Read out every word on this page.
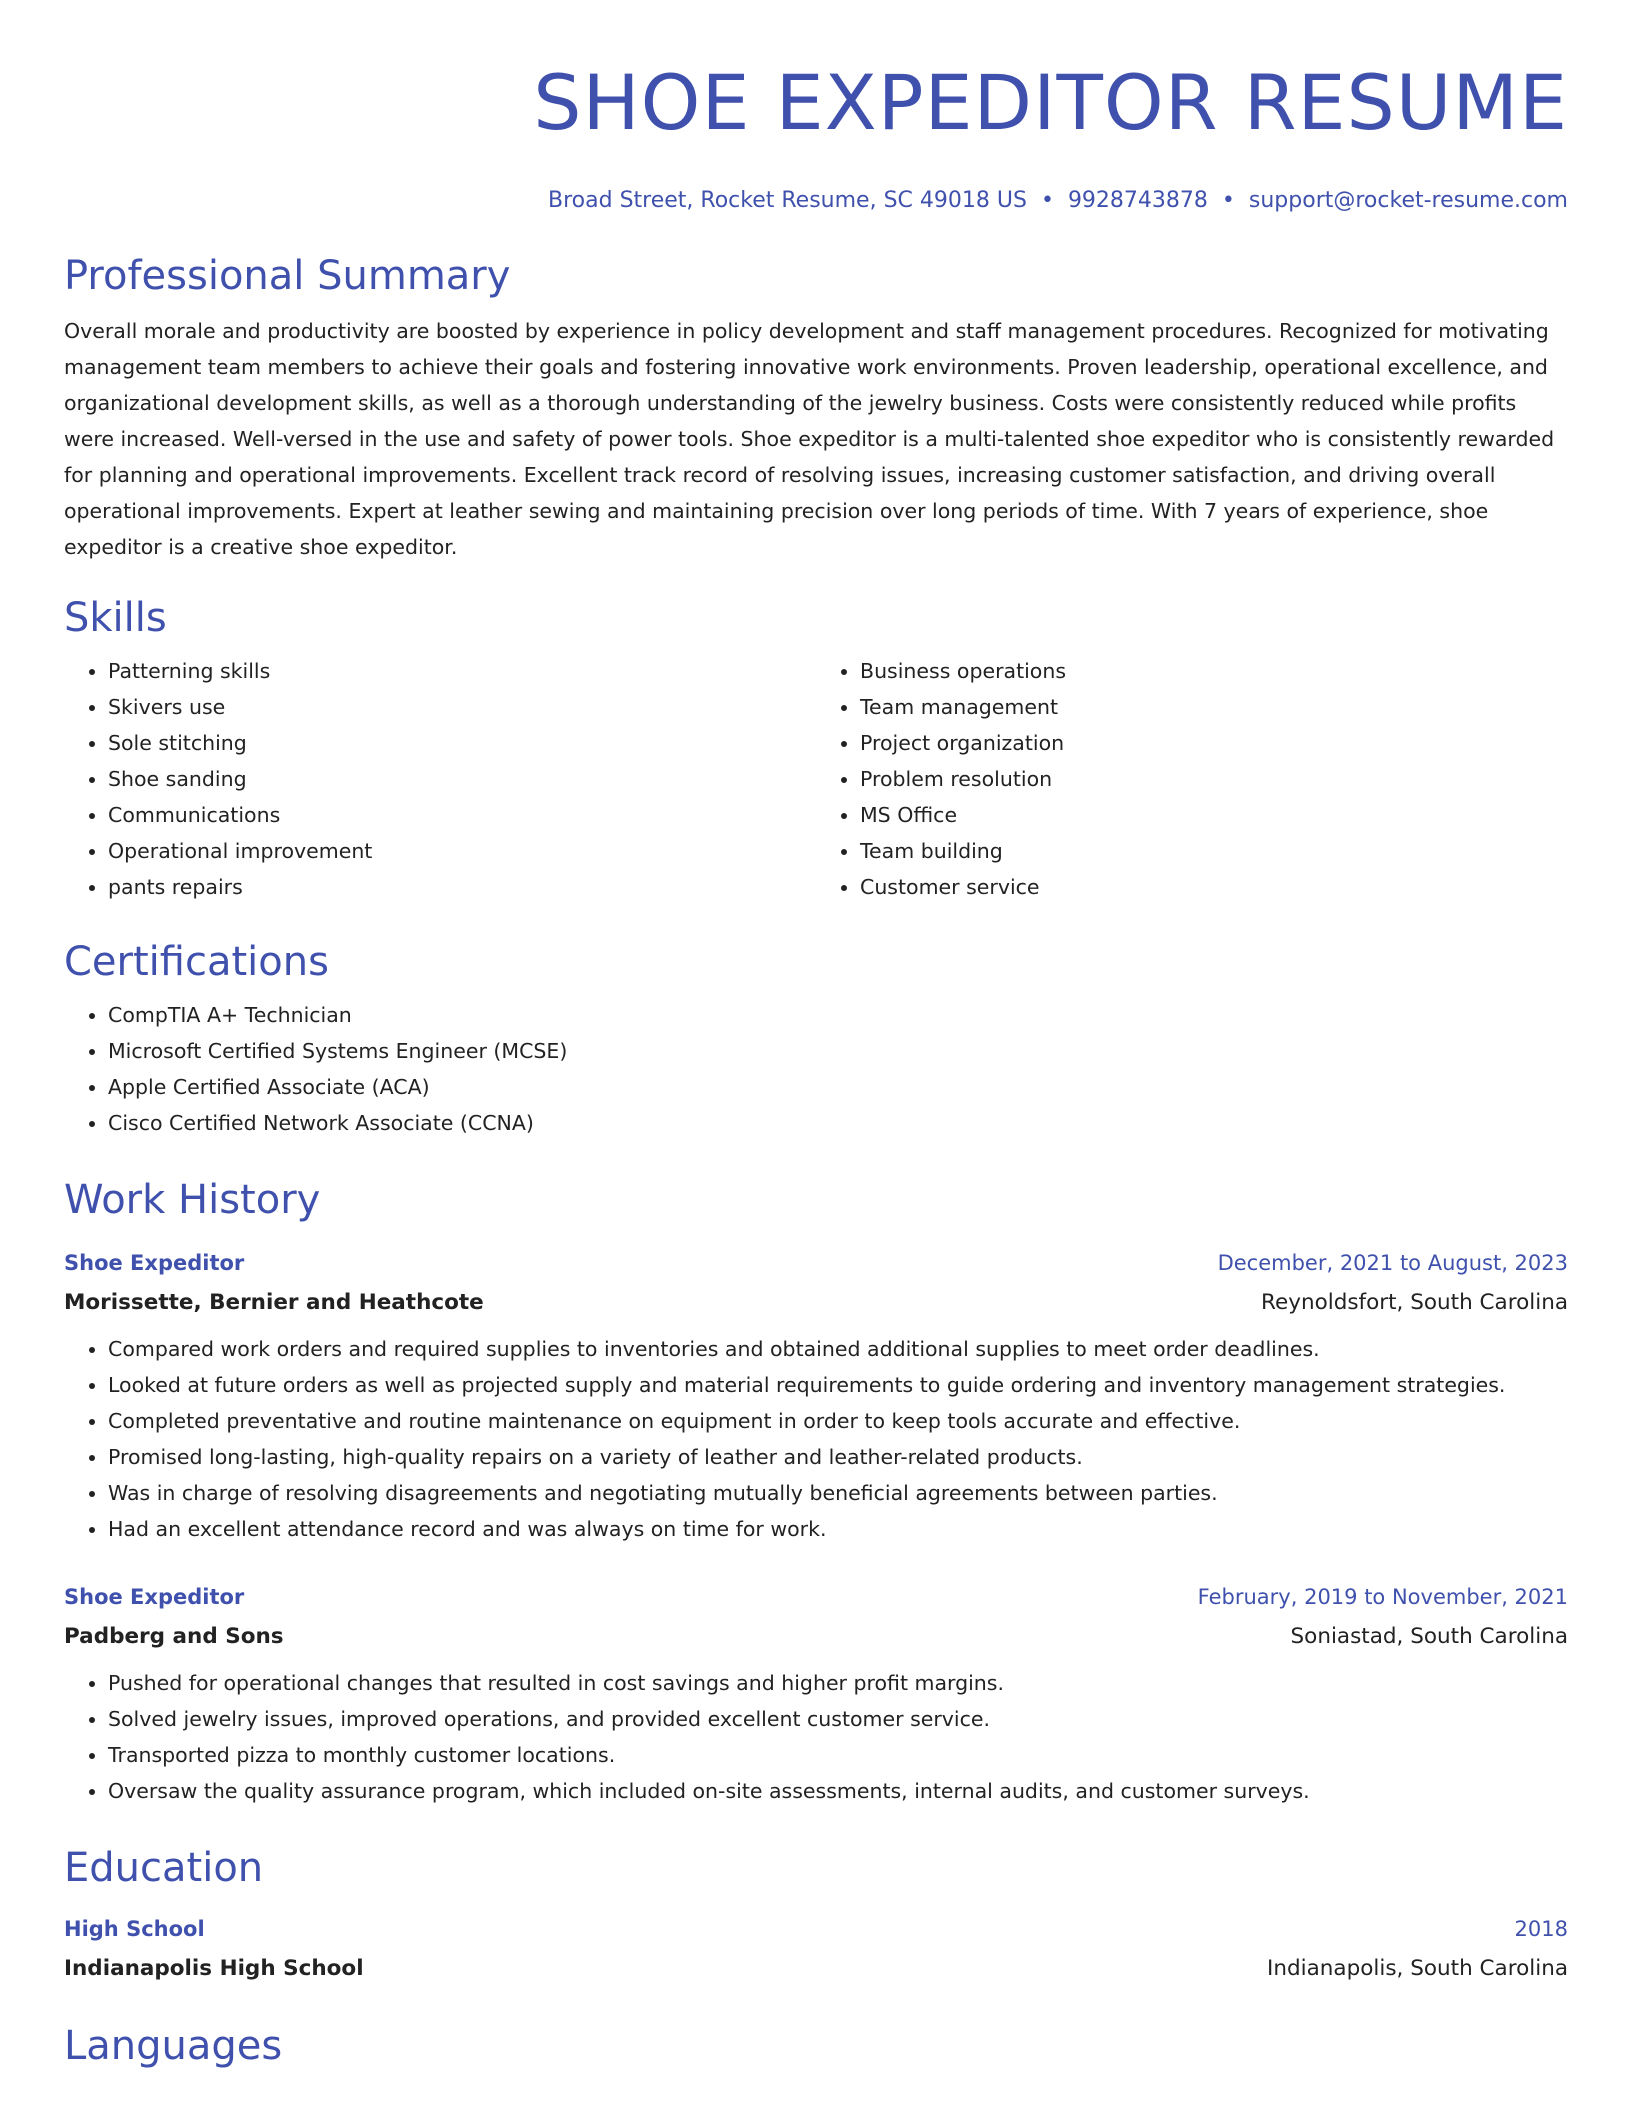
SHOE EXPEDITOR RESUME
Broad Street, Rocket Resume, SC 49018 US • 9928743878 • support@rocket-resume.com
Professional Summary

Overall morale and productivity are boosted by experience in policy development and staff management procedures. Recognized for motivating management team members to achieve their goals and fostering innovative work environments. Proven leadership, operational excellence, and organizational development skills, as well as a thorough understanding of the jewelry business. Costs were consistently reduced while profits were increased. Well-versed in the use and safety of power tools. Shoe expeditor is a multi-talented shoe expeditor who is consistently rewarded for planning and operational improvements. Excellent track record of resolving issues, increasing customer satisfaction, and driving overall operational improvements. Expert at leather sewing and maintaining precision over long periods of time. With 7 years of experience, shoe expeditor is a creative shoe expeditor.

Skills
• Patterning skills
• Skivers use
• Sole stitching
• Shoe sanding
• Communications
• Operational improvement
• pants repairs
• Business operations
• Team management
• Project organization
• Problem resolution
• MS Office
• Team building
• Customer service
Certifications
• CompTIA A+ Technician
• Microsoft Certified Systems Engineer (MCSE)
• Apple Certified Associate (ACA)
• Cisco Certified Network Associate (CCNA)
Work History
Shoe Expeditor	December, 2021 to August, 2023
Morissette, Bernier and Heathcote	Reynoldsfort, South Carolina
• Compared work orders and required supplies to inventories and obtained additional supplies to meet order deadlines.
• Looked at future orders as well as projected supply and material requirements to guide ordering and inventory management strategies.
• Completed preventative and routine maintenance on equipment in order to keep tools accurate and effective.
• Promised long-lasting, high-quality repairs on a variety of leather and leather-related products.
• Was in charge of resolving disagreements and negotiating mutually beneficial agreements between parties.
• Had an excellent attendance record and was always on time for work.
Shoe Expeditor	February, 2019 to November, 2021
Padberg and Sons	Soniastad, South Carolina
• Pushed for operational changes that resulted in cost savings and higher profit margins.
• Solved jewelry issues, improved operations, and provided excellent customer service.
• Transported pizza to monthly customer locations.
• Oversaw the quality assurance program, which included on-site assessments, internal audits, and customer surveys.
Education
High School	2018
Indianapolis High School	Indianapolis, South Carolina
Languages
